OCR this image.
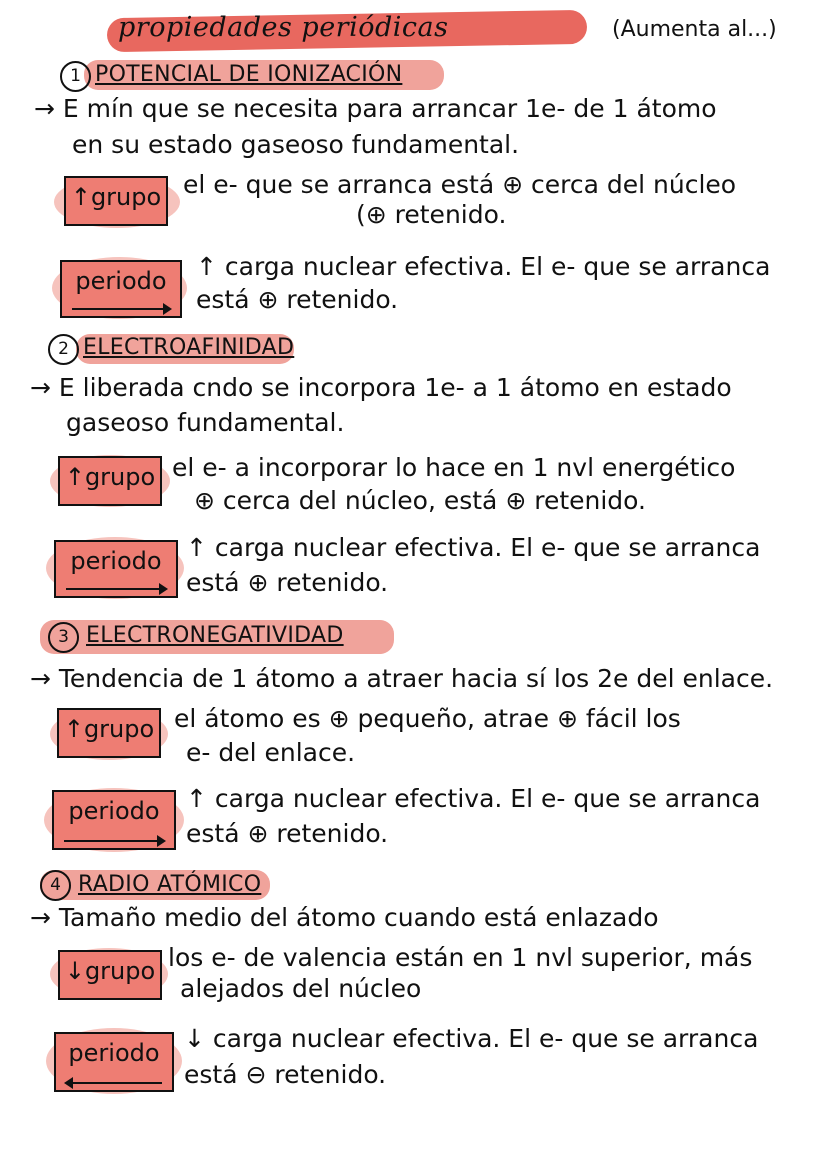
propiedades periódicas	(Aumenta al...)
1 POTENCIAL DE IONIZACIÓN
→ E mín que se necesita para arrancar 1e- de 1 átomo
en su estado gaseoso fundamental.
↑grupo el e- que se arranca está ⊕ cerca del núcleo
(⊕ retenido.
periodo	↑ carga nuclear efectiva. El e- que se arranca
está ⊕ retenido.
2 ELECTROAFINIDAD
→ E liberada cndo se incorpora 1e- a 1 átomo en estado
gaseoso fundamental.
↑grupo el e- a incorporar lo hace en 1 nvl energético
⊕ cerca del núcleo, está ⊕ retenido.
periodo ↑ carga nuclear efectiva. El e- que se arranca
está ⊕ retenido.
3 ELECTRONEGATIVIDAD
→ Tendencia de 1 átomo a atraer hacia sí los 2e del enlace.
↑grupo el átomo es ⊕ pequeño, atrae ⊕ fácil los
e- del enlace.
periodo	↑ carga nuclear efectiva. El e- que se arranca
está ⊕ retenido.
4 RADIO ATÓMICO
→ Tamaño medio del átomo cuando está enlazado
↓grupo los e- de valencia están en 1 nvl superior, más
alejados del núcleo
periodo ↓ carga nuclear efectiva. El e- que se arranca
está ⊖ retenido.
